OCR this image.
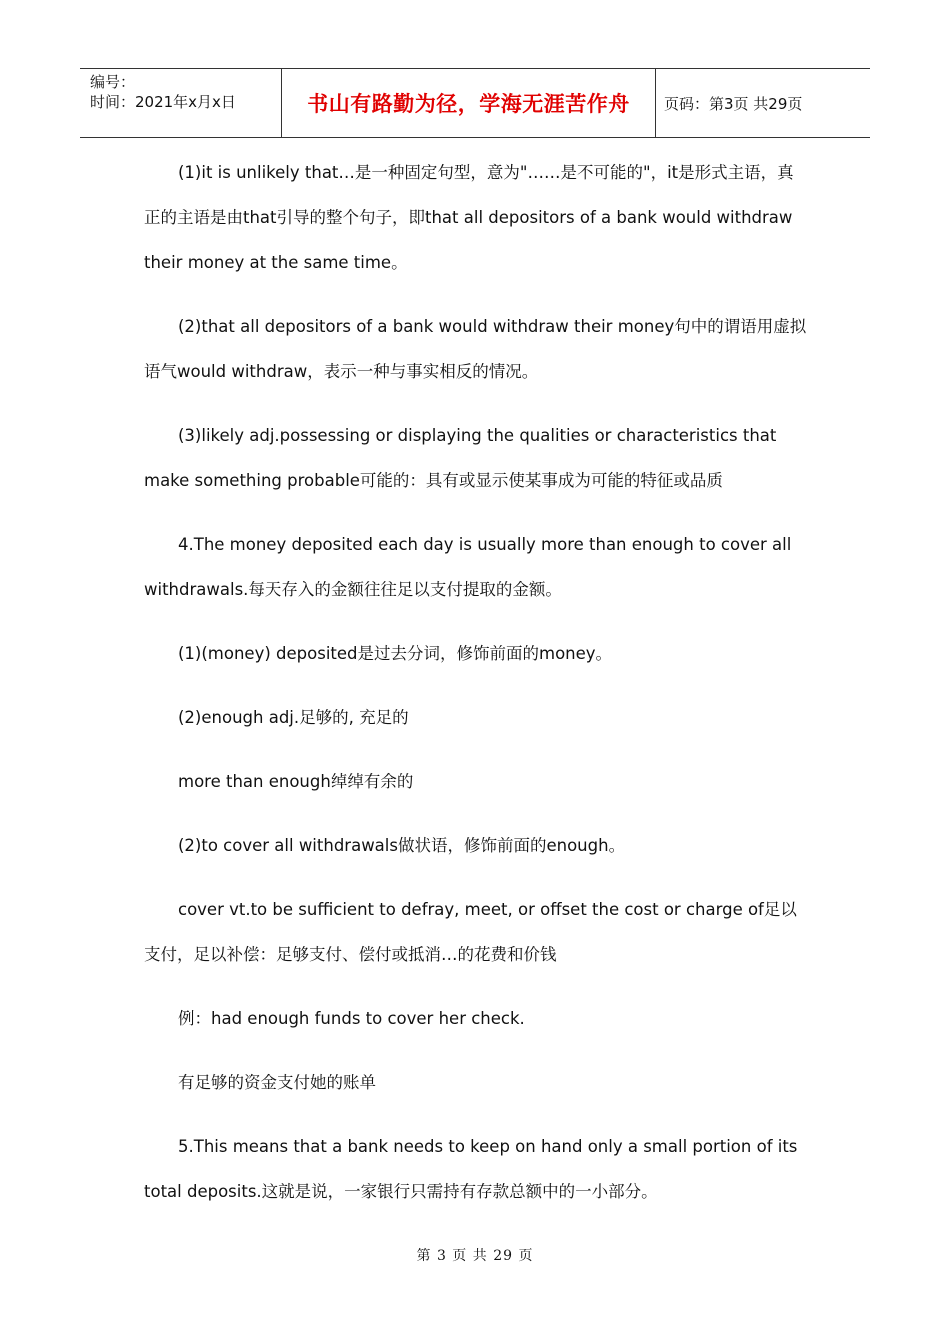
编号：
时间：2021年x月x日	书山有路勤为径，学海无涯苦作舟 页码：第3页 共29页

(1)it is unlikely that…是一种固定句型，意为"……是不可能的"，it是形式主语，真正的主语是由that引导的整个句子，即that all depositors of a bank would withdraw their money at the same time。

(2)that all depositors of a bank would withdraw their money句中的谓语用虚拟语气would withdraw，表示一种与事实相反的情况。

(3)likely adj.possessing or displaying the qualities or characteristics that make something probable可能的：具有或显示使某事成为可能的特征或品质

4.The money deposited each day is usually more than enough to cover all withdrawals.每天存入的金额往往足以支付提取的金额。

(1)(money) deposited是过去分词，修饰前面的money。

(2)enough adj.足够的, 充足的

more than enough绰绰有余的

(2)to cover all withdrawals做状语，修饰前面的enough。

cover vt.to be sufficient to defray, meet, or offset the cost or charge of足以支付，足以补偿：足够支付、偿付或抵消…的花费和价钱

例：had enough funds to cover her check.

有足够的资金支付她的账单

5.This means that a bank needs to keep on hand only a small portion of its total deposits.这就是说，一家银行只需持有存款总额中的一小部分。

第 3 页 共 29 页
